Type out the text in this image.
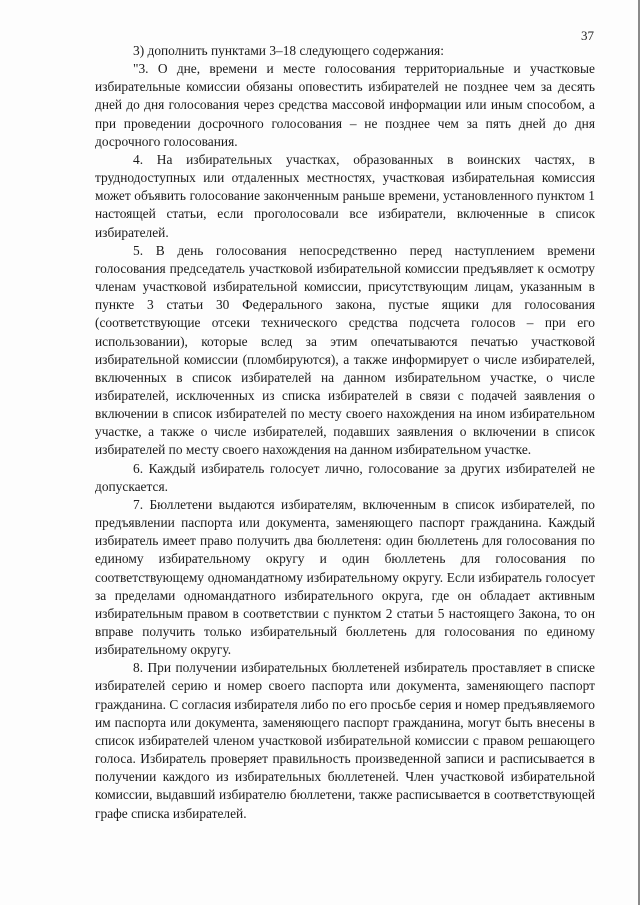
37

3) дополнить пунктами 3–18 следующего содержания:

"3. О дне, времени и месте голосования территориальные и участковые избирательные комиссии обязаны оповестить избирателей не позднее чем за десять дней до дня голосования через средства массовой информации или иным способом, а при проведении досрочного голосования – не позднее чем за пять дней до дня досрочного голосования.

4. На избирательных участках, образованных в воинских частях, в труднодоступных или отдаленных местностях, участковая избирательная комиссия может объявить голосование законченным раньше времени, установленного пунктом 1 настоящей статьи, если проголосовали все избиратели, включенные в список избирателей.

5. В день голосования непосредственно перед наступлением времени голосования председатель участковой избирательной комиссии предъявляет к осмотру членам участковой избирательной комиссии, присутствующим лицам, указанным в пункте 3 статьи 30 Федерального закона, пустые ящики для голосования (соответствующие отсеки технического средства подсчета голосов – при его использовании), которые вслед за этим опечатываются печатью участковой избирательной комиссии (пломбируются), а также информирует о числе избирателей, включенных в список избирателей на данном избирательном участке, о числе избирателей, исключенных из списка избирателей в связи с подачей заявления о включении в список избирателей по месту своего нахождения на ином избирательном участке, а также о числе избирателей, подавших заявления о включении в список избирателей по месту своего нахождения на данном избирательном участке.

6. Каждый избиратель голосует лично, голосование за других избирателей не допускается.

7. Бюллетени выдаются избирателям, включенным в список избирателей, по предъявлении паспорта или документа, заменяющего паспорт гражданина. Каждый избиратель имеет право получить два бюллетеня: один бюллетень для голосования по единому избирательному округу и один бюллетень для голосования по соответствующему одномандатному избирательному округу. Если избиратель голосует за пределами одномандатного избирательного округа, где он обладает активным избирательным правом в соответствии с пунктом 2 статьи 5 настоящего Закона, то он вправе получить только избирательный бюллетень для голосования по единому избирательному округу.

8. При получении избирательных бюллетеней избиратель проставляет в списке избирателей серию и номер своего паспорта или документа, заменяющего паспорт гражданина. С согласия избирателя либо по его просьбе серия и номер предъявляемого им паспорта или документа, заменяющего паспорт гражданина, могут быть внесены в список избирателей членом участковой избирательной комиссии с правом решающего голоса. Избиратель проверяет правильность произведенной записи и расписывается в получении каждого из избирательных бюллетеней. Член участковой избирательной комиссии, выдавший избирателю бюллетени, также расписывается в соответствующей графе списка избирателей.
